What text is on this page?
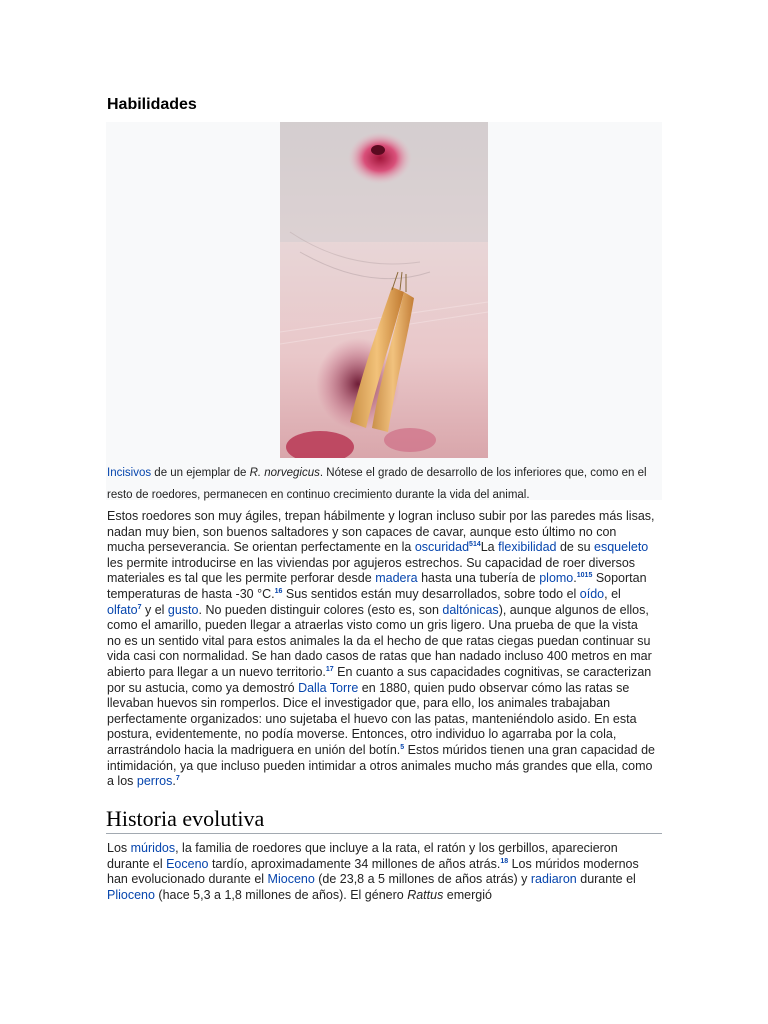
Habilidades
Incisivos de un ejemplar de R. norvegicus. Nótese el grado de desarrollo de los inferiores que, como en el resto de roedores, permanecen en continuo crecimiento durante la vida del animal.

Estos roedores son muy ágiles, trepan hábilmente y logran incluso subir por las paredes más lisas, nadan muy bien, son buenos saltadores y son capaces de cavar, aunque esto último no con mucha perseverancia. Se orientan perfectamente en la oscuridad$^{514}$La flexibilidad de su esqueleto les permite introducirse en las viviendas por agujeros estrechos. Su capacidad de roer diversos materiales es tal que les permite perforar desde madera hasta una tubería de plomo.$^{1015}$ Soportan temperaturas de hasta -30 °C.$^{16}$ Sus sentidos están muy desarrollados, sobre todo el oído, el olfato$^7$ y el gusto. No pueden distinguir colores (esto es, son daltónicas), aunque algunos de ellos, como el amarillo, pueden llegar a atraerlas visto como un gris ligero. Una prueba de que la vista no es un sentido vital para estos animales la da el hecho de que ratas ciegas puedan continuar su vida casi con normalidad. Se han dado casos de ratas que han nadado incluso 400 metros en mar abierto para llegar a un nuevo territorio.$^{17}$ En cuanto a sus capacidades cognitivas, se caracterizan por su astucia, como ya demostró Dalla Torre en 1880, quien pudo observar cómo las ratas se llevaban huevos sin romperlos. Dice el investigador que, para ello, los animales trabajaban perfectamente organizados: uno sujetaba el huevo con las patas, manteniéndolo asido. En esta postura, evidentemente, no podía moverse. Entonces, otro individuo lo agarraba por la cola, arrastrándolo hacia la madriguera en unión del botín.$^5$ Estos múridos tienen una gran capacidad de intimidación, ya que incluso pueden intimidar a otros animales mucho más grandes que ella, como a los perros.$^7$

Historia evolutiva

Los múridos, la familia de roedores que incluye a la rata, el ratón y los gerbillos, aparecieron durante el Eoceno tardío, aproximadamente 34 millones de años atrás.$^{18}$ Los múridos modernos han evolucionado durante el Mioceno (de 23,8 a 5 millones de años atrás) y radiaron durante el Plioceno (hace 5,3 a 1,8 millones de años). El género Rattus emergió
